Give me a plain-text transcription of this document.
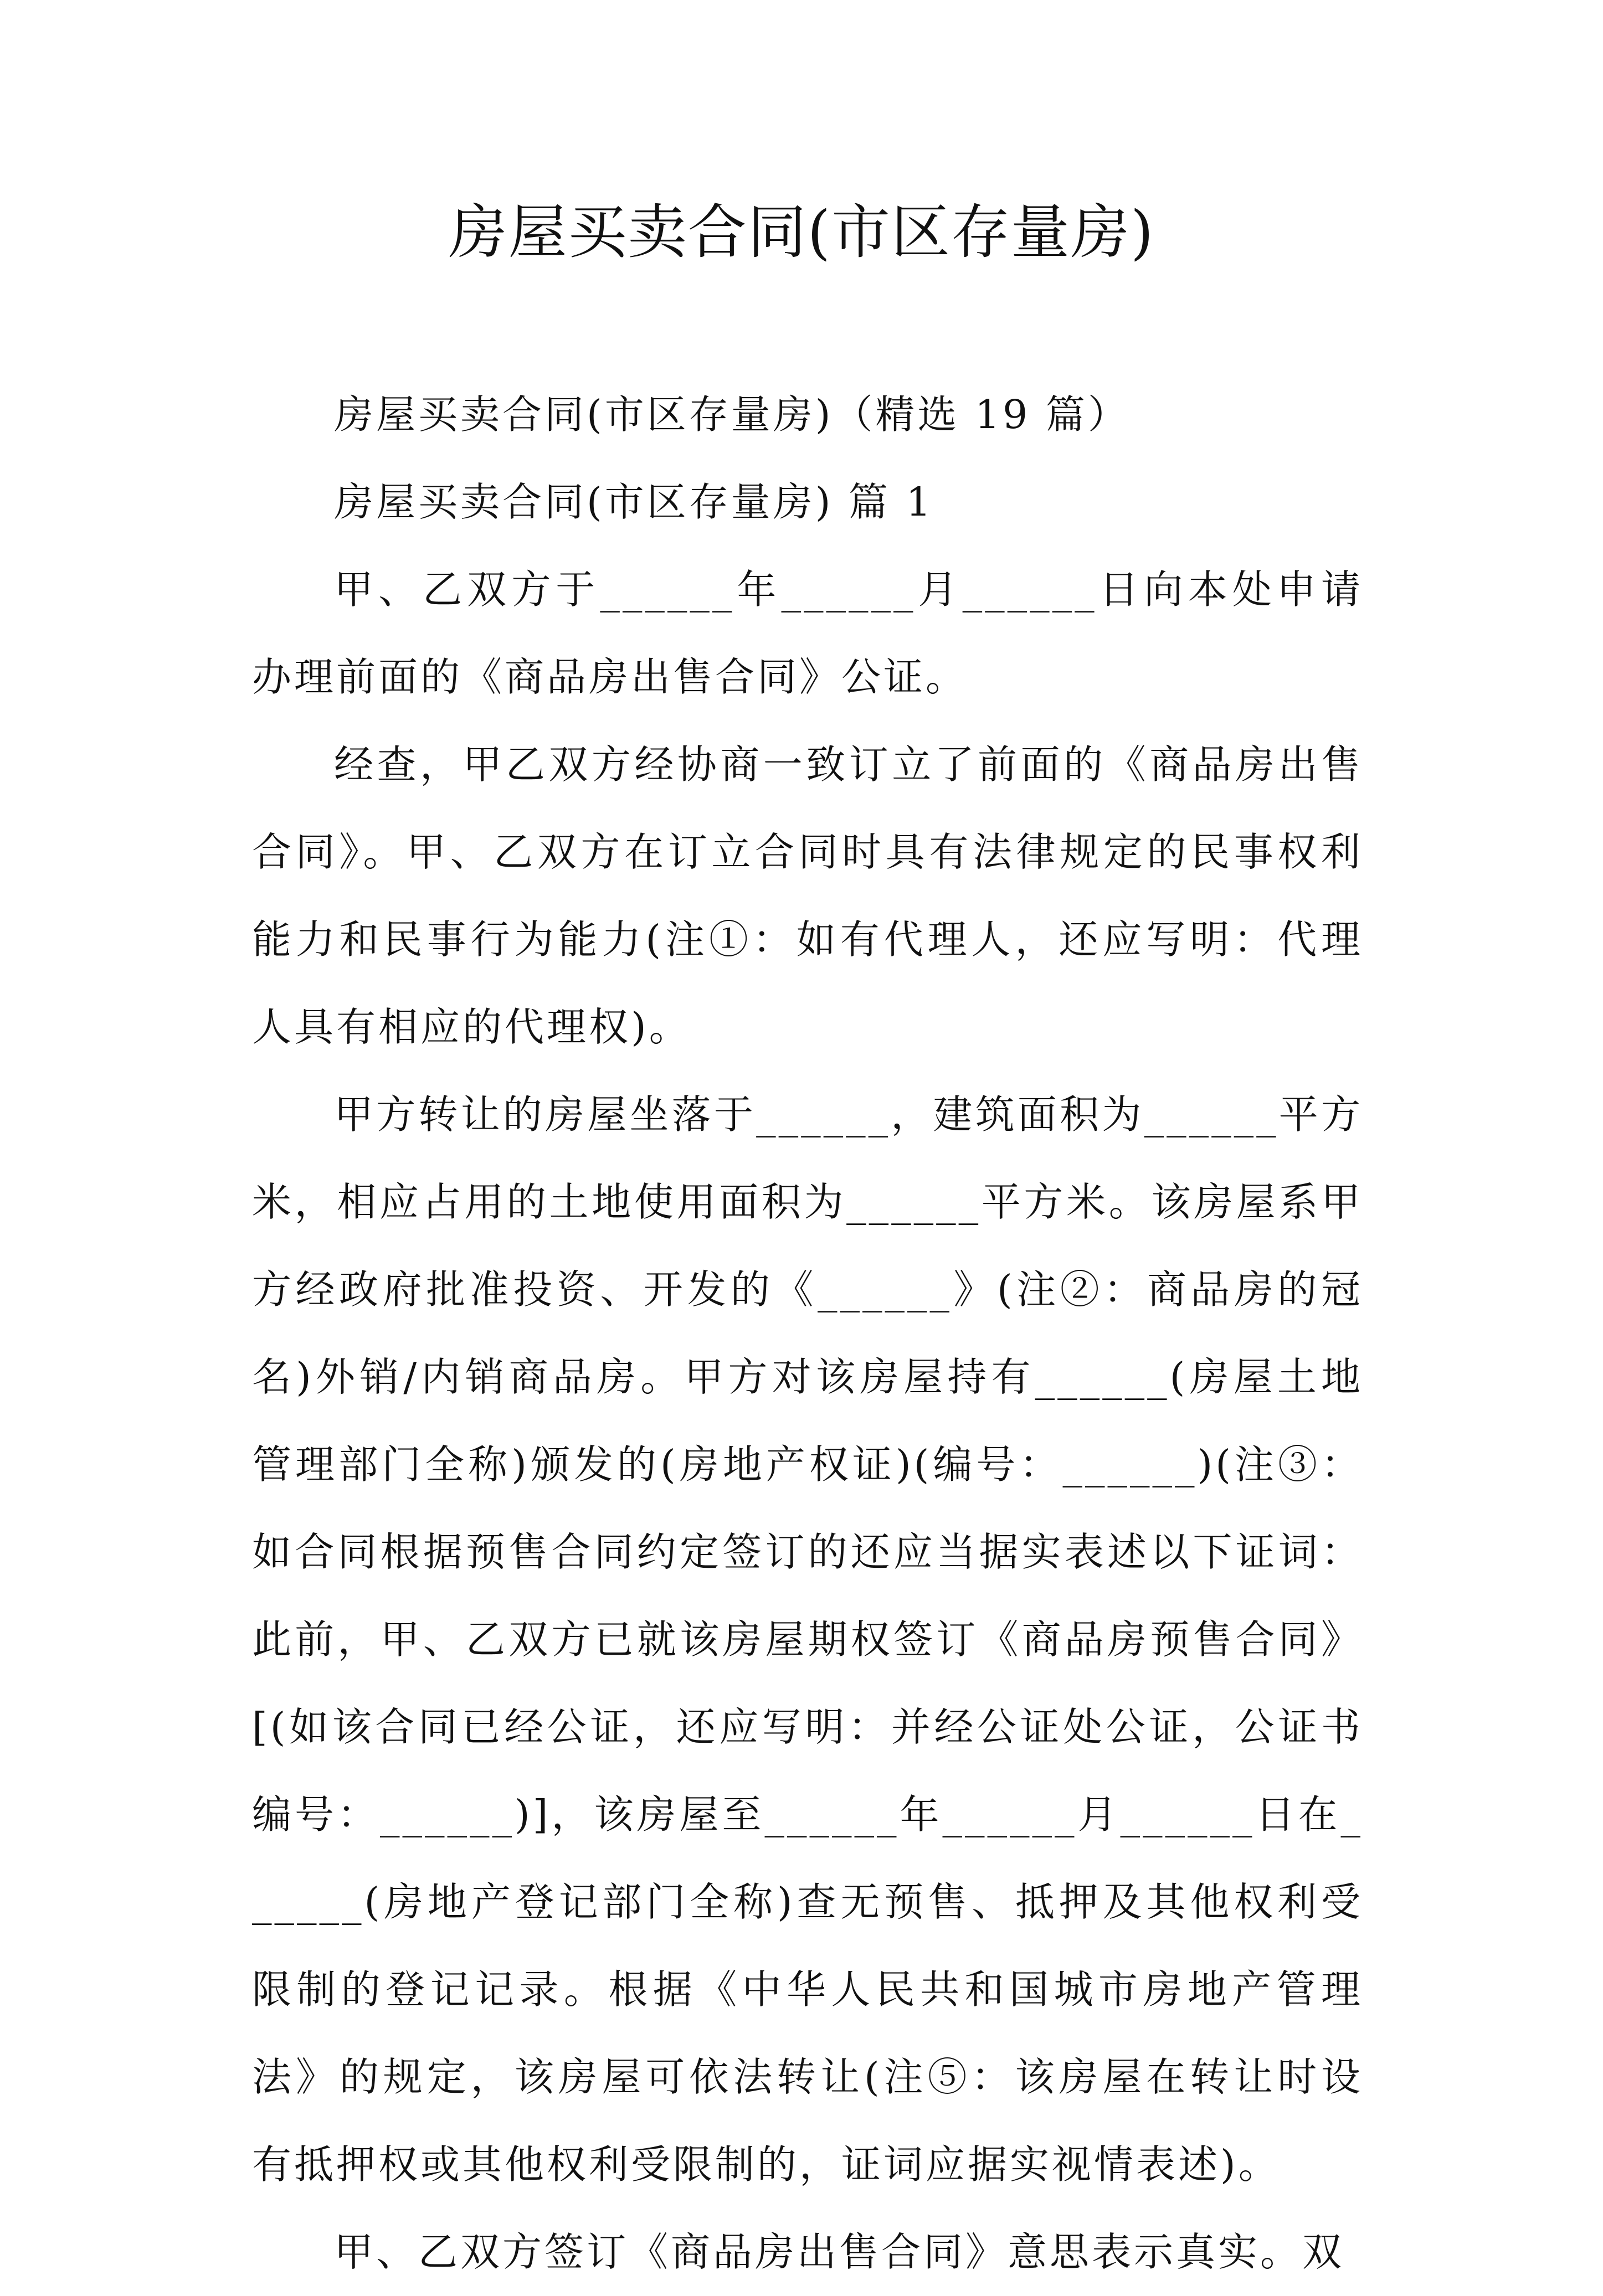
房屋买卖合同(市区存量房)

房屋买卖合同(市区存量房)（精选 19 篇）

房屋买卖合同(市区存量房) 篇 1

甲、乙双方于______年______月______日向本处申请办理前面的《商品房出售合同》公证。

经查，甲乙双方经协商一致订立了前面的《商品房出售合同》。甲、乙双方在订立合同时具有法律规定的民事权利能力和民事行为能力(注①：如有代理人，还应写明：代理人具有相应的代理权)。

甲方转让的房屋坐落于______，建筑面积为______平方米，相应占用的土地使用面积为______平方米。该房屋系甲方经政府批准投资、开发的《______》(注②：商品房的冠名)外销/内销商品房。甲方对该房屋持有______(房屋土地管理部门全称)颁发的(房地产权证)(编号：______)(注③：如合同根据预售合同约定签订的还应当据实表述以下证词：此前，甲、乙双方已就该房屋期权签订《商品房预售合同》[(如该合同已经公证，还应写明：并经公证处公证，公证书编号：______)]，该房屋至______年______月______日在______(房地产登记部门全称)查无预售、抵押及其他权利受限制的登记记录。根据《中华人民共和国城市房地产管理法》的规定，该房屋可依法转让(注⑤：该房屋在转让时设有抵押权或其他权利受限制的，证词应据实视情表述)。

甲、乙双方签订《商品房出售合同》意思表示真实。双
